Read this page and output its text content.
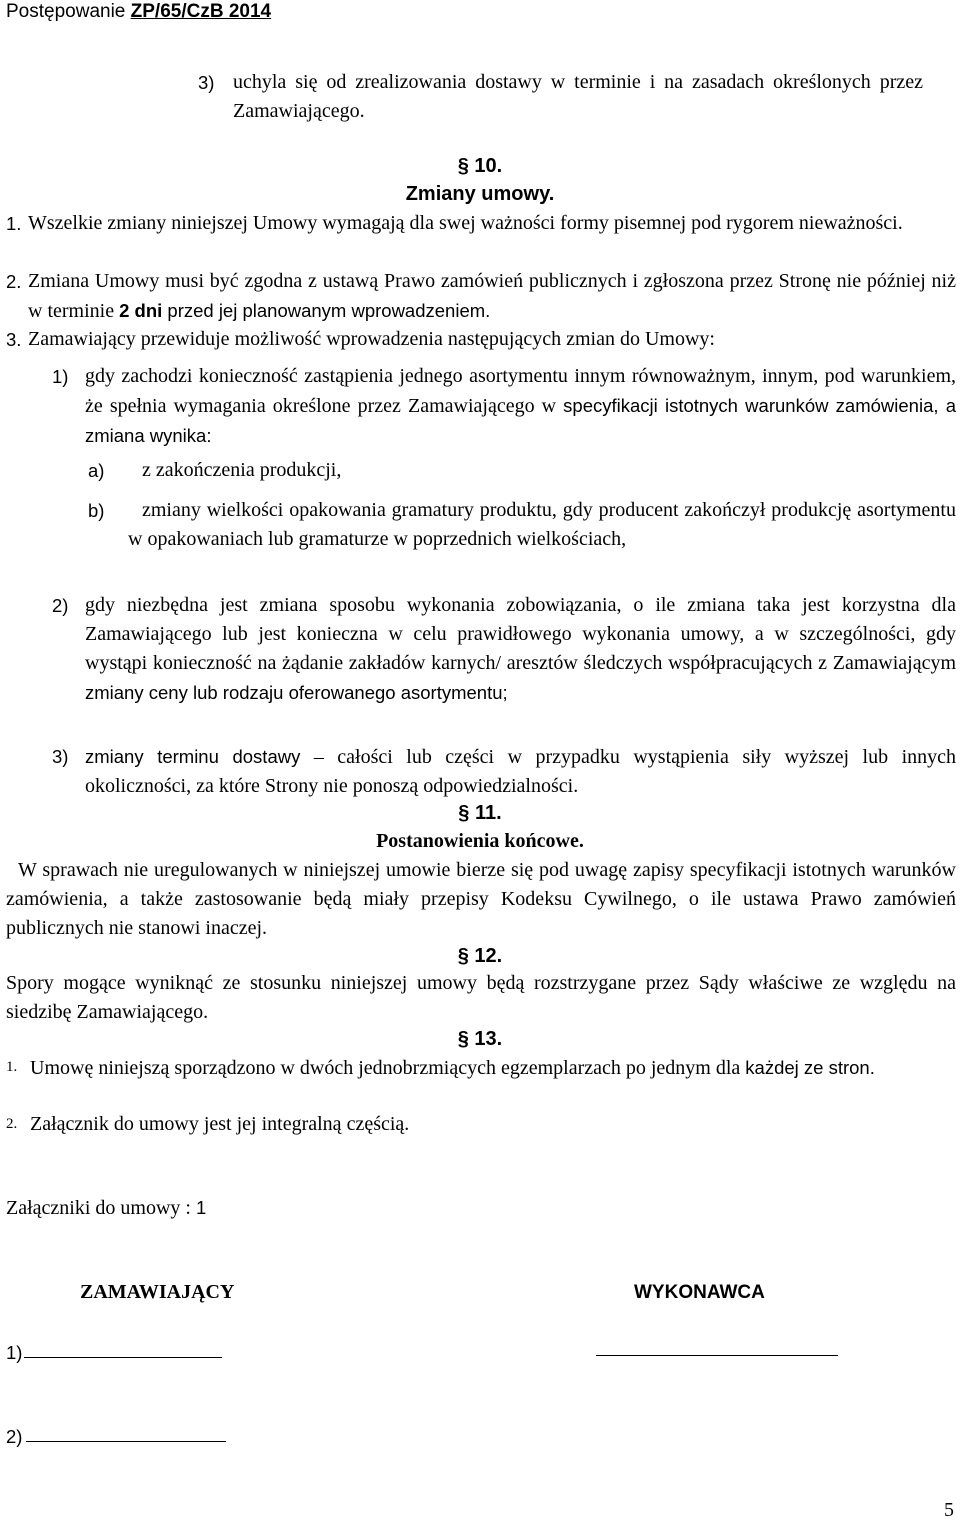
Postępowanie ZP/65/CzB 2014
3) uchyla się od zrealizowania dostawy w terminie i na zasadach określonych przez Zamawiającego.
§ 10.
Zmiany umowy.
1. Wszelkie zmiany niniejszej Umowy wymagają dla swej ważności formy pisemnej pod rygorem nieważności.
2. Zmiana Umowy musi być zgodna z ustawą Prawo zamówień publicznych i zgłoszona przez Stronę nie później niż w terminie 2 dni przed jej planowanym wprowadzeniem.
3. Zamawiający przewiduje możliwość wprowadzenia następujących zmian do Umowy:
1) gdy zachodzi konieczność zastąpienia jednego asortymentu innym równoważnym, innym, pod warunkiem, że spełnia wymagania określone przez Zamawiającego w specyfikacji istotnych warunków zamówienia, a zmiana wynika:
a) z zakończenia produkcji,
b)	zmiany wielkości opakowania gramatury produktu, gdy producent zakończył produkcję asortymentu w opakowaniach lub gramaturze w poprzednich wielkościach,
2) gdy niezbędna jest zmiana sposobu wykonania zobowiązania, o ile zmiana taka jest korzystna dla Zamawiającego lub jest konieczna w celu prawidłowego wykonania umowy, a w szczególności, gdy wystąpi konieczność na żądanie zakładów karnych/ aresztów śledczych współpracujących z Zamawiającym zmiany ceny lub rodzaju oferowanego asortymentu;
3) zmiany terminu dostawy – całości lub części w przypadku wystąpienia siły wyższej lub innych okoliczności, za które Strony nie ponoszą odpowiedzialności.
§ 11.
Postanowienia końcowe.
W sprawach nie uregulowanych w niniejszej umowie bierze się pod uwagę zapisy specyfikacji istotnych warunków zamówienia, a także zastosowanie będą miały przepisy Kodeksu Cywilnego, o ile ustawa Prawo zamówień publicznych nie stanowi inaczej.
§ 12.
Spory mogące wyniknąć ze stosunku niniejszej umowy będą rozstrzygane przez Sądy właściwe ze względu na siedzibę Zamawiającego.
§ 13.
1. Umowę niniejszą sporządzono w dwóch jednobrzmiących egzemplarzach po jednym dla każdej ze stron.
2. Załącznik do umowy jest jej integralną częścią.
Załączniki do umowy : 1
ZAMAWIAJĄCY	WYKONAWCA
1)
2)
5
